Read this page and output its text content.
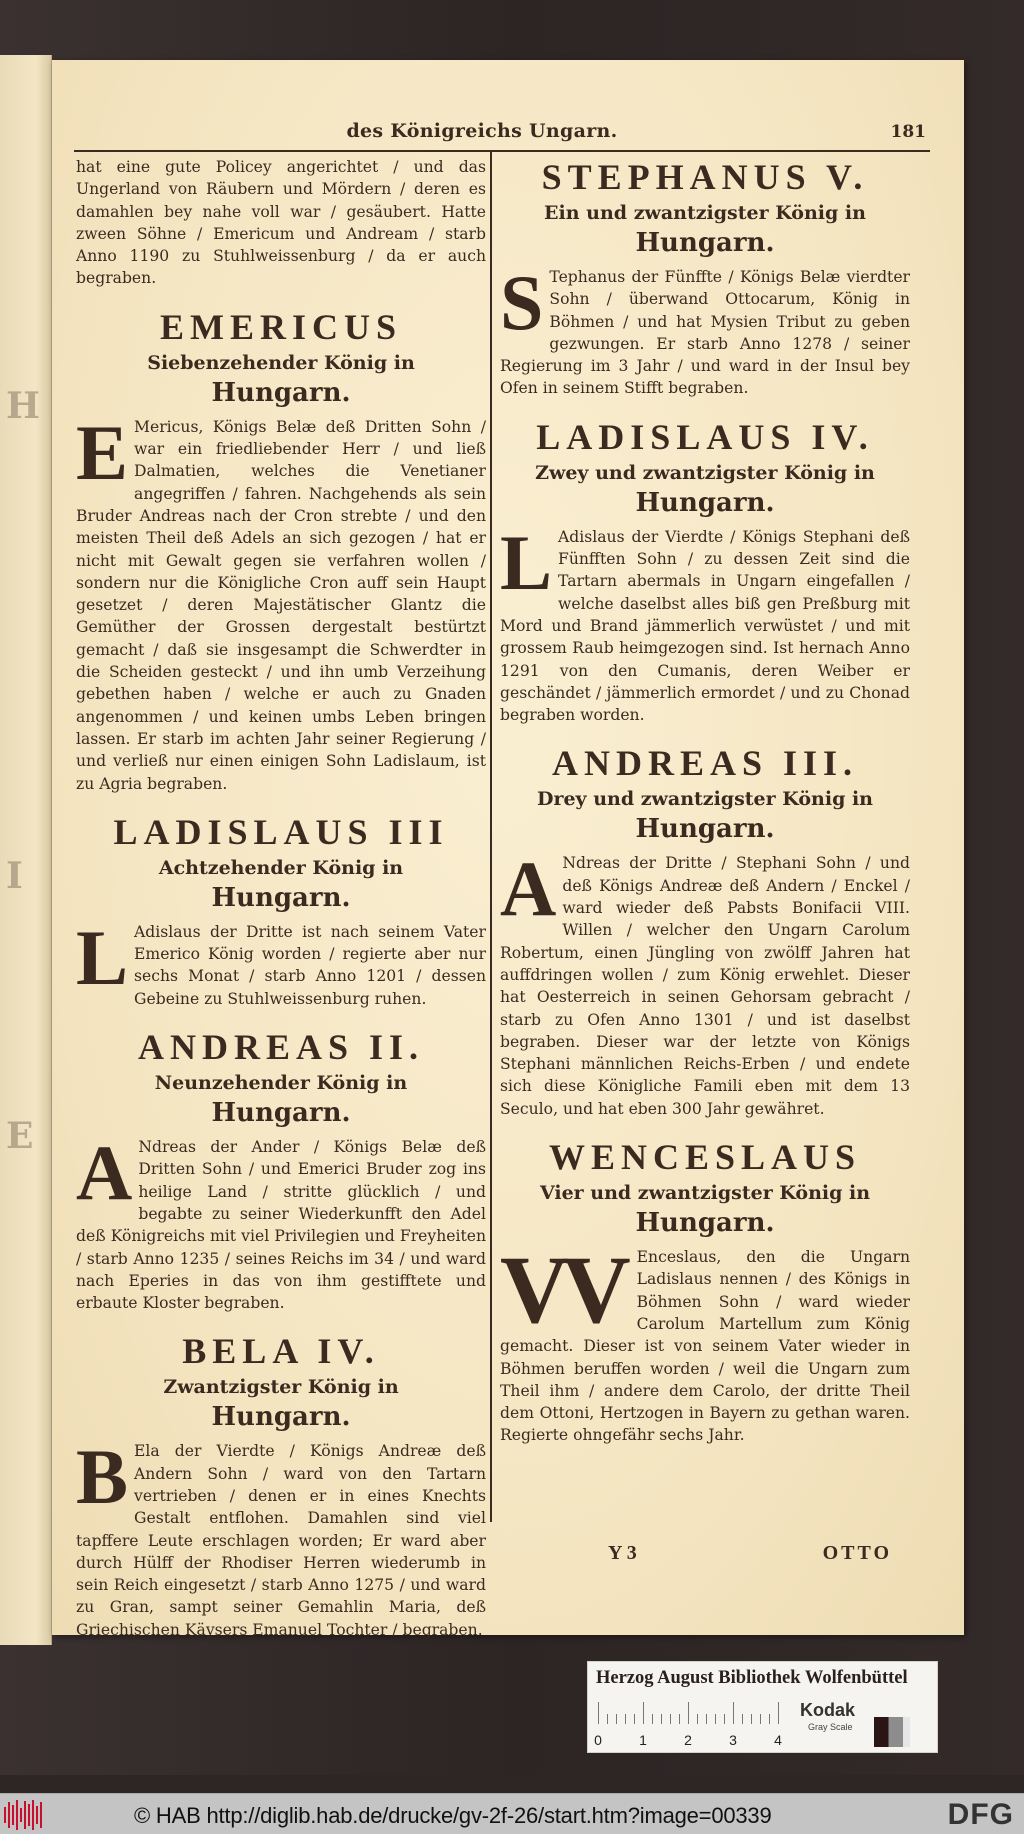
H
I
E
des Königreichs Ungarn.	181

hat eine gute Policey angerichtet / und das Ungerland von Räubern und Mördern / deren es damahlen bey nahe voll war / gesäubert. Hatte zween Söhne / Emericum und Andream / starb Anno 1190 zu Stuhlweissenburg / da er auch begraben.

EMERICUS
Siebenzehender König in
Hungarn.
E Mericus, Königs Belæ deß Dritten Sohn / war ein friedliebender Herr / und ließ Dalmatien, welches die Venetianer angegriffen / fahren. Nachgehends als sein Bruder Andreas nach der Cron strebte / und den meisten Theil deß Adels an sich gezogen / hat er nicht mit Gewalt gegen sie verfahren wollen / sondern nur die Königliche Cron auff sein Haupt gesetzet / deren Majestätischer Glantz die Gemüther der Grossen dergestalt bestürtzt gemacht / daß sie insgesampt die Schwerdter in die Scheiden gesteckt / und ihn umb Verzeihung gebethen haben / welche er auch zu Gnaden angenommen / und keinen umbs Leben bringen lassen. Er starb im achten Jahr seiner Regierung / und verließ nur einen einigen Sohn Ladislaum, ist zu Agria begraben.
LADISLAUS III
Achtzehender König in
Hungarn.
L Adislaus der Dritte ist nach seinem Vater Emerico König worden / regierte aber nur sechs Monat / starb Anno 1201 / dessen Gebeine zu Stuhlweissenburg ruhen.
ANDREAS II.
Neunzehender König in
Hungarn.
A Ndreas der Ander / Königs Belæ deß Dritten Sohn / und Emerici Bruder zog ins heilige Land / stritte glücklich / und begabte zu seiner Wiederkunfft den Adel deß Königreichs mit viel Privilegien und Freyheiten / starb Anno 1235 / seines Reichs im 34 / und ward nach Eperies in das von ihm gestifftete und erbaute Kloster begraben.
BELA IV.
Zwantzigster König in
Hungarn.
B Ela der Vierdte / Königs Andreæ deß Andern Sohn / ward von den Tartarn vertrieben / denen er in eines Knechts Gestalt entflohen. Damahlen sind viel tapffere Leute erschlagen worden; Er ward aber durch Hülff der Rhodiser Herren wiederumb in sein Reich eingesetzt / starb Anno 1275 / und ward zu Gran, sampt seiner Gemahlin Maria, deß Griechischen Käysers Emanuel Tochter / begraben.
STEPHANUS V.
Ein und zwantzigster König in
Hungarn.
S Tephanus der Fünffte / Königs Belæ vierdter Sohn / überwand Ottocarum, König in Böhmen / und hat Mysien Tribut zu geben gezwungen. Er starb Anno 1278 / seiner Regierung im 3 Jahr / und ward in der Insul bey Ofen in seinem Stifft begraben.
LADISLAUS IV.
Zwey und zwantzigster König in
Hungarn.
L Adislaus der Vierdte / Königs Stephani deß Fünfften Sohn / zu dessen Zeit sind die Tartarn abermals in Ungarn eingefallen / welche daselbst alles biß gen Preßburg mit Mord und Brand jämmerlich verwüstet / und mit grossem Raub heimgezogen sind. Ist hernach Anno 1291 von den Cumanis, deren Weiber er geschändet / jämmerlich ermordet / und zu Chonad begraben worden.
ANDREAS III.
Drey und zwantzigster König in
Hungarn.
A Ndreas der Dritte / Stephani Sohn / und deß Königs Andreæ deß Andern / Enckel / ward wieder deß Pabsts Bonifacii VIII. Willen / welcher den Ungarn Carolum Robertum, einen Jüngling von zwölff Jahren hat auffdringen wollen / zum König erwehlet. Dieser hat Oesterreich in seinen Gehorsam gebracht / starb zu Ofen Anno 1301 / und ist daselbst begraben. Dieser war der letzte von Königs Stephani männlichen Reichs-Erben / und endete sich diese Königliche Famili eben mit dem 13 Seculo, und hat eben 300 Jahr gewähret.
WENCESLAUS
Vier und zwantzigster König in
Hungarn.
VV Enceslaus, den die Ungarn Ladislaus nennen / des Königs in Böhmen Sohn / ward wieder Carolum Martellum zum König gemacht. Dieser ist von seinem Vater wieder in Böhmen beruffen worden / weil die Ungarn zum Theil ihm / andere dem Carolo, der dritte Theil dem Ottoni, Hertzogen in Bayern zu gethan waren. Regierte ohngefähr sechs Jahr.
Y 3	OTTO
Herzog August Bibliothek Wolfenbüttel
0	1	2	3	4
Kodak
Gray Scale
© HAB http://diglib.hab.de/drucke/gv-2f-26/start.htm?image=00339	DFG
